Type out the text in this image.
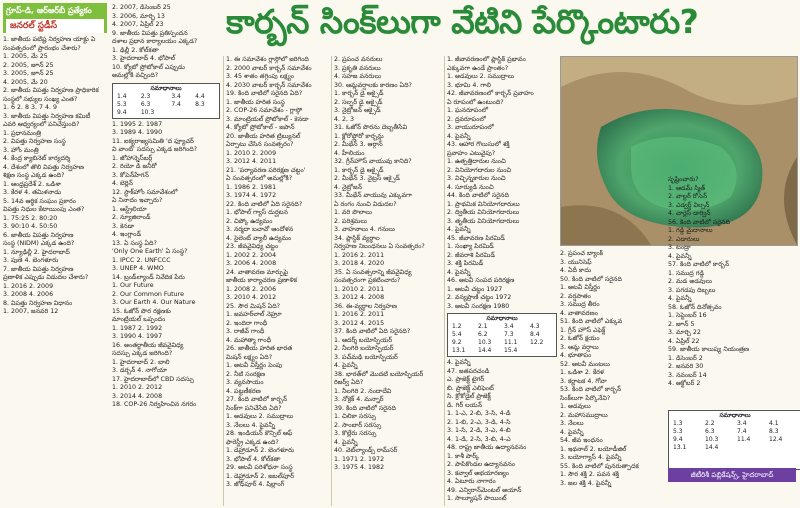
గ్రూప్-డి, ఆర్‌ఆర్‌బీ ప్రత్యేకం
జనరల్ స్టడీస్	కార్బన్ సింక్‌లుగా వేటిని పేర్కొంటారు?

1. జాతీయ పటిష్ట నిర్వహణ యాక్టు ఏ

సంవత్సరంలో ప్రారంభం చేశారు?

1. 2005, మే 25

2. 2005, జూన్ 25

3. 2005, జూన్ 25

4. 2005, మే 20

2. జాతీయ విపత్తు నిర్వహణ ప్రాధికారిక

సంస్థలో సభ్యుల సంఖ్య ఎంత?

1. 6 2. 8 3. 7 4. 9

3. జాతీయ విపత్తు నిర్వహణ కమిటీ

ఎవరి ఆధ్వర్యంలో పనిచేస్తుంది?

1. ప్రధానమంత్రి

2. విపత్తు నిర్వహణ సంస్థ

3. హోం మంత్రి

4. కేంద్ర క్యాబినెట్ కార్యదర్శి

4. దేశంలో తొలి విపత్తు నిర్వహణ

శిక్షణ సంస్థ ఎక్కడ ఉంది?

1. ఆంధ్రప్రదేశ్ 2. ఒడిశా

3. కేరళ 4. తమిళనాడు

5. 14వ ఆర్థిక సంఘం ప్రకారం

విపత్తు నిధుల కేటాయింపు ఎంత?

1. 75:25 2. 80:20

3. 90:10 4. 50:50

6. జాతీయ విపత్తు నిర్వహణ

సంస్థ (NIDM) ఎక్కడ ఉంది?

1. న్యూఢిల్లీ 2. హైదరాబాద్

3. పుణె 4. బెంగళూరు

7. జాతీయ విపత్తు నిర్వహణ

ప్రణాళిక ఎప్పుడు విడుదల చేశారు?

1. 2016 2. 2009

3. 2008 4. 2006

8. విపత్తు నిర్వహణ విధానం

1. 2007, జనవరి 12

2. 2007, డిసెంబర్ 25

3. 2006, మార్చి 13

4. 2007, ఏప్రిల్ 23

9. జాతీయ విపత్తు ప్రతిస్పందన

దళాల ప్రధాన కార్యాలయం ఎక్కడ?

1. ఢిల్లీ 2. కోల్‌కతా

3. హైదరాబాద్ 4. భోపాల్

10. క్యోటో ప్రోటోకాల్ ఎప్పుడు

అమల్లోకి వచ్చింది?

సమాధానాలు
1.4	2.3	3.4	4.4
5.3	6.3	7.4	8.3
9.4	10.3		

1. 1995 2. 1987

3. 1989 4. 1990

11. ఐక్యరాజ్యసమితి 'ద ఫ్యూచర్

వి వాంట్' సదస్సు ఎక్కడ జరిగింది?

1. జోహాన్నెస్‌బర్గ్

2. రియో డి జనీరో

3. కోపెన్‌హేగన్

4. బెర్లిన్

12. స్టాక్‌హోం సమావేశంలో

ఏ నినాదం ఇచ్చారు?

1. ఆస్ట్రేలియా

2. న్యూజిలాండ్

3. కెనడా

4. ఇంగ్లాండ్

13. ఏ సంస్థ ఏది?

'Only One Earth' ఏ సంస్థ?

1. IPCC 2. UNFCCC

3. UNEP 4. WMO

14. బ్రండ్‌ల్యాండ్ నివేదిక పేరు

1. Our Future

2. Our Common Future

3. Our Earth 4. Our Nature

15. ఓజోన్ పొర రక్షణకు

మాంట్రియల్ ఒప్పందం

1. 1987 2. 1992

3. 1990 4. 1997

16. అంతర్జాతీయ జీవవైవిధ్య

సదస్సు ఎక్కడ జరిగింది?

1. హైదరాబాద్ 2. బాలి

3. డర్బన్ 4. నాగోయా

17. హైదరాబాద్‌లో CBD సదస్సు

1. 2010 2. 2012

3. 2014 4. 2008

18. COP-26 నిర్వహించిన నగరం

1. ఈ సమావేశం గ్లాస్గోలో జరిగింది

2. 2000 వాటర్ కార్బన్ సమావేశం

3. 45 శాతం తగ్గింపు లక్ష్యం

4. 2030 వాటర్ కార్బన్ సమావేశం

19. కింది వాటిలో సరైనది ఏది?

1. జాతీయ హరిత సంస్థ

2. COP-26 సమావేశం - గ్లాస్గో

3. మాంట్రియల్ ప్రోటోకాల్ - కెనడా

4. క్యోటో ప్రోటోకాల్ - జపాన్

20. జాతీయ హరిత ట్రిబ్యునల్

ఏర్పాటు చేసిన సంవత్సరం?

1. 2010 2. 2009

3. 2012 4. 2011

21. 'పర్యావరణ పరిరక్షణ చట్టం'

ఏ సంవత్సరంలో అమల్లోకి?

1. 1986 2. 1981

3. 1974 4. 1972

22. కింది వాటిలో ఏది సరైనది?

1. భోపాల్ గ్యాస్ దుర్ఘటన

2. చిప్కో ఉద్యమం

3. నర్మదా బచావో ఆందోళన

4. సైలెంట్ వ్యాలీ ఉద్యమం

23. జీవవైవిధ్య చట్టం

1. 2002 2. 2004

3. 2006 4. 2008

24. వాతావరణ మార్పుపై

జాతీయ కార్యాచరణ ప్రణాళిక

1. 2008 2. 2006

3. 2010 4. 2012

25. సౌర మిషన్ ఏది?

1. జవహర్‌లాల్ నెహ్రూ

2. ఇందిరా గాంధీ

3. రాజీవ్ గాంధీ

4. మహాత్మా గాంధీ

26. జాతీయ హరిత భారత

మిషన్ లక్ష్యం ఏది?

1. అటవీ విస్తీర్ణం పెంపు

2. నీటి సంరక్షణ

3. వ్యవసాయం

4. పట్టణీకరణ

27. కింది వాటిలో కార్బన్

సింక్‌గా పనిచేసేది ఏది?

1. అడవులు 2. సముద్రాలు

3. నేలలు 4. పైవన్నీ

28. ఇండియన్ కౌన్సిల్ ఆఫ్

ఫారెస్ట్రీ ఎక్కడ ఉంది?

1. డెహ్రాడూన్ 2. బెంగళూరు

3. భోపాల్ 4. కోల్‌కతా

29. అటవీ పరిశోధనా సంస్థ

1. డెహ్రాడూన్ 2. జబల్‌పూర్

3. జోధ్‌పూర్ 4. షిల్లాంగ్

2. ప్రపంచ వనరులు

3. ప్రకృతి వనరులు

4. సహజ వనరులు

30. ఆమ్లవర్షాలకు కారణం ఏది?

1. కార్బన్ డై ఆక్సైడ్

2. సల్ఫర్ డై ఆక్సైడ్

3. నైట్రోజన్ ఆక్సైడ్

4. 2, 3

31. ఓజోన్ పొరను దెబ్బతీసేవి

1. క్లోరోఫ్లోరో కార్బన్లు

2. మీథేన్ 3. ఆర్గాన్

4. హీలియం

32. గ్రీన్‌హౌస్ వాయువు కానిది?

1. కార్బన్ డై ఆక్సైడ్

2. మీథేన్ 3. నైట్రస్ ఆక్సైడ్

4. నైట్రోజన్

33. మీథేన్ వాయువు ఎక్కువగా

ఏ రంగం నుంచి విడుదల?

1. వరి పొలాలు

2. పరిశ్రమలు

3. వాహనాలు 4. గనులు

34. ప్లాస్టిక్ వ్యర్థాల

నిర్వహణ నిబంధనలు ఏ సంవత్సరం?

1. 2016 2. 2011

3. 2018 4. 2020

35. ఏ సంవత్సరాన్ని జీవవైవిధ్య

సంవత్సరంగా ప్రకటించారు?

1. 2010 2. 2011

3. 2012 4. 2008

36. ఈ-వ్యర్థాల నిర్వహణ

1. 2016 2. 2011

3. 2012 4. 2015

37. కింది వాటిలో ఏది సరైనది?

1. ఆదర్శ్ బయోస్ఫియర్

2. నీలగిరి బయోస్ఫియర్

3. పచ్‌మఢి బయోస్ఫియర్

4. పైవన్నీ

38. భారత్‌లో మొదటి బయోస్ఫియర్

రిజర్వ్ ఏది?

1. నీలగిరి 2. నందాదేవి

3. నోక్రెక్ 4. మన్నార్

39. కింది వాటిలో సరైనది

1. చిలికా సరస్సు

2. సాంబార్ సరస్సు

3. కొల్లేరు సరస్సు

4. పైవన్నీ

40. వెట్‌ల్యాండ్స్ రామ్‌సర్

1. 1971 2. 1972

3. 1975 4. 1982

1. జీవావరణంలో ప్లాస్టిక్ ప్రభావం

ఎక్కువగా ఉండే ప్రాంతం?

1. అడవులు 2. సముద్రాలు

3. భూమి 4. గాలి

42. జీవావరణంలో కార్బన్ ప్రవాహం

ఏ రూపంలో ఉంటుంది?

1. ఘనరూపంలో

2. ద్రవరూపంలో

3. వాయురూపంలో

4. పైవన్నీ

43. ఆహార గొలుసులో శక్తి

ప్రవాహం ఎటువైపు?

1. ఉత్పత్తిదారుల నుంచి

2. వినియోగదారుల నుంచి

3. విచ్ఛిన్నకారుల నుంచి

4. సూర్యుడి నుంచి

44. కింది వాటిలో సరైనది

1. ప్రాథమిక వినియోగదారులు

2. ద్వితీయ వినియోగదారులు

3. తృతీయ వినియోగదారులు

4. పైవన్నీ

45. జీవావరణ పిరమిడ్

1. సంఖ్యా పిరమిడ్

2. జీవరాశి పిరమిడ్

3. శక్తి పిరమిడ్

4. పైవన్నీ

46. అటవీ సంపద పరిరక్షణ

1. అటవీ చట్టం 1927

2. వన్యప్రాణి చట్టం 1972

3. అటవీ సంరక్షణ 1980

సమాధానాలు
1.2	2.1	3.4	4.3
5.4	6.2	7.3	8.4
9.2	10.3	11.1	12.2
13.1	14.4	15.4	

4. పైవన్నీ

47. జతపరచండి

ఎ. ప్రాజెక్ట్ టైగర్

బి. ప్రాజెక్ట్ ఎలిఫెంట్

సి. క్రోకోడైల్ ప్రాజెక్ట్

డి. గిర్ లయన్

1. 1-ఎ, 2-బి, 3-సి, 4-డి

2. 1-బి, 2-ఎ, 3-డి, 4-సి

3. 1-సి, 2-డి, 3-ఎ, 4-బి

4. 1-డి, 2-సి, 3-బి, 4-ఎ

48. రాష్ట్ర జాతీయ ఉద్యానవనం

1. కాశీ పార్క్

2. పాపికొండల ఉద్యానవనం

3. కవ్వాల్ అభయారణ్యం

4. ఏటూరు నాగారం

49. ఎన్విరాన్‌మెంటల్ అయాన్

1. సాల్యూషన్ పాయింట్

2. ప్రపంచ బ్యాంక్

3. యునిసెఫ్

4. ఏదీ కాదు

50. కింది వాటిలో సరైనది

1. అటవీ విస్తీర్ణం

2. వర్షపాతం

3. సముద్ర తీరం

4. వాతావరణం

51. కింది వాటిలో ఎక్కువ

1. గ్రీన్ హౌస్ ఎఫెక్ట్

2. ఓజోన్ క్షయం

3. ఆమ్ల వర్షాలు

4. భూతాపం

52. అటవీ మంటలు

1. ఒడిశా 2. కేరళ

3. కర్ణాటక 4. గోవా

53. కింది వాటిలో కార్బన్

సింక్‌లుగా పేర్కొనేవి?

1. అడవులు

2. మహాసముద్రాలు

3. నేలలు

4. పైవన్నీ

54. జీవ ఇంధనం

1. ఇథనాల్ 2. బయోడీజిల్

3. బయోగ్యాస్ 4. పైవన్నీ

55. కింది వాటిలో పునరుత్పాదక

1. సౌర శక్తి 2. పవన శక్తి

3. జల శక్తి 4. పైవన్నీ

సృష్టించారు?

1. ఆడమ్ స్మిత్

2. వాల్టర్ రోసెన్

3. ఎడ్వర్డ్ విల్సన్

4. చార్లెస్ డార్విన్

56. కింది వాటిలో సరైనది

1. గడ్డి మైదానాలు

2. ఎడారులు

3. టండ్రా

4. పైవన్నీ

57. కింది వాటిలో కార్బన్

1. సముద్ర గడ్డి

2. మడ అడవులు

3. పగడపు దిబ్బలు

4. పైవన్నీ

58. ఓజోన్ దినోత్సవం

1. సెప్టెంబర్ 16

2. జూన్ 5

3. మార్చి 22

4. ఏప్రిల్ 22

59. జాతీయ కాలుష్య నియంత్రణ

1. డిసెంబర్ 2

2. జనవరి 30

3. నవంబర్ 14

4. అక్టోబర్ 2

సమాధానాలు
1.3	2.2	3.4	4.1
5.3	6.3	7.4	8.3
9.4	10.3	11.4	12.4
13.1	14.4		
జీటీరిశీ పబ్లికేషన్స్, హైదరాబాద్
